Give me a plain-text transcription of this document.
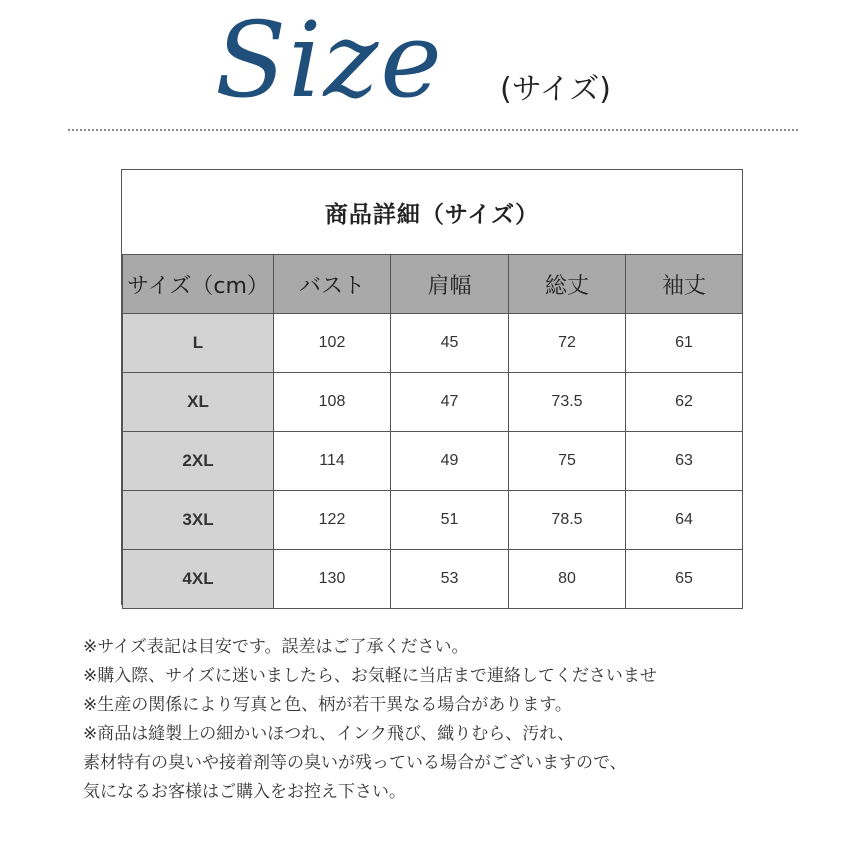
Size (サイズ)
商品詳細（サイズ）
サイズ（cm）	バスト	肩幅	総丈	袖丈
L	102	45	72	61
XL	108	47	73.5	62
2XL	114	49	75	63
3XL	122	51	78.5	64
4XL	130	53	80	65
※サイズ表記は目安です。誤差はご了承ください。
※購入際、サイズに迷いましたら、お気軽に当店まで連絡してくださいませ
※生産の関係により写真と色、柄が若干異なる場合があります。
※商品は縫製上の細かいほつれ、インク飛び、織りむら、汚れ、
素材特有の臭いや接着剤等の臭いが残っている場合がございますので、
気になるお客様はご購入をお控え下さい。
